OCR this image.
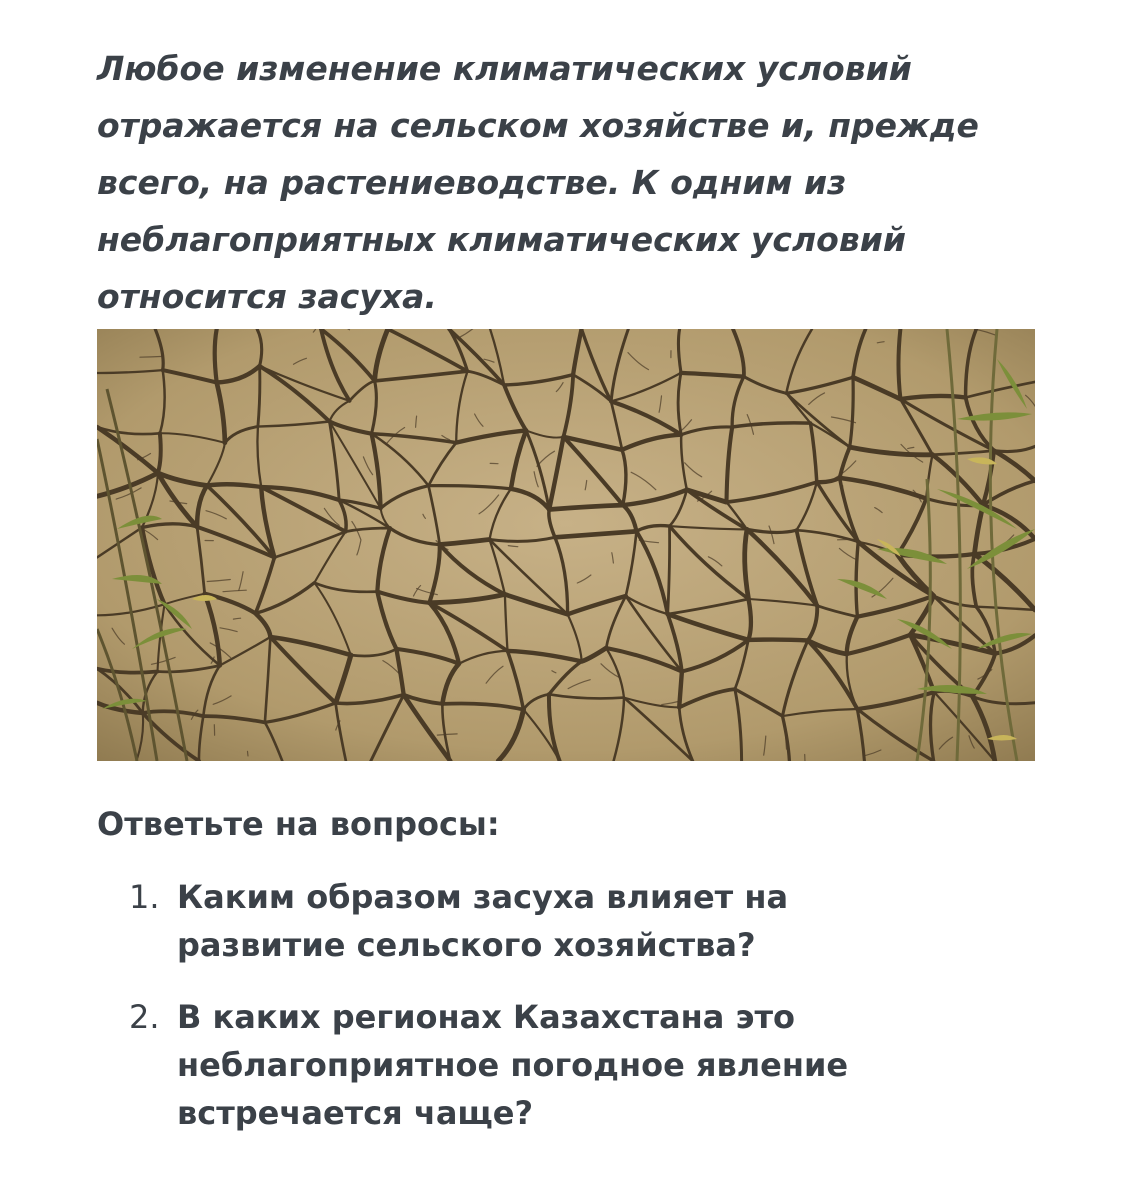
Любое изменение климатических условий
отражается на сельском хозяйстве и, прежде
всего, на растениеводстве. К одним из
неблагоприятных климатических условий
относится засуха.

Ответьте на вопросы:
1. Каким образом засуха влияет на
развитие сельского хозяйства?
2. В каких регионах Казахстана это
неблагоприятное погодное явление
встречается чаще?
